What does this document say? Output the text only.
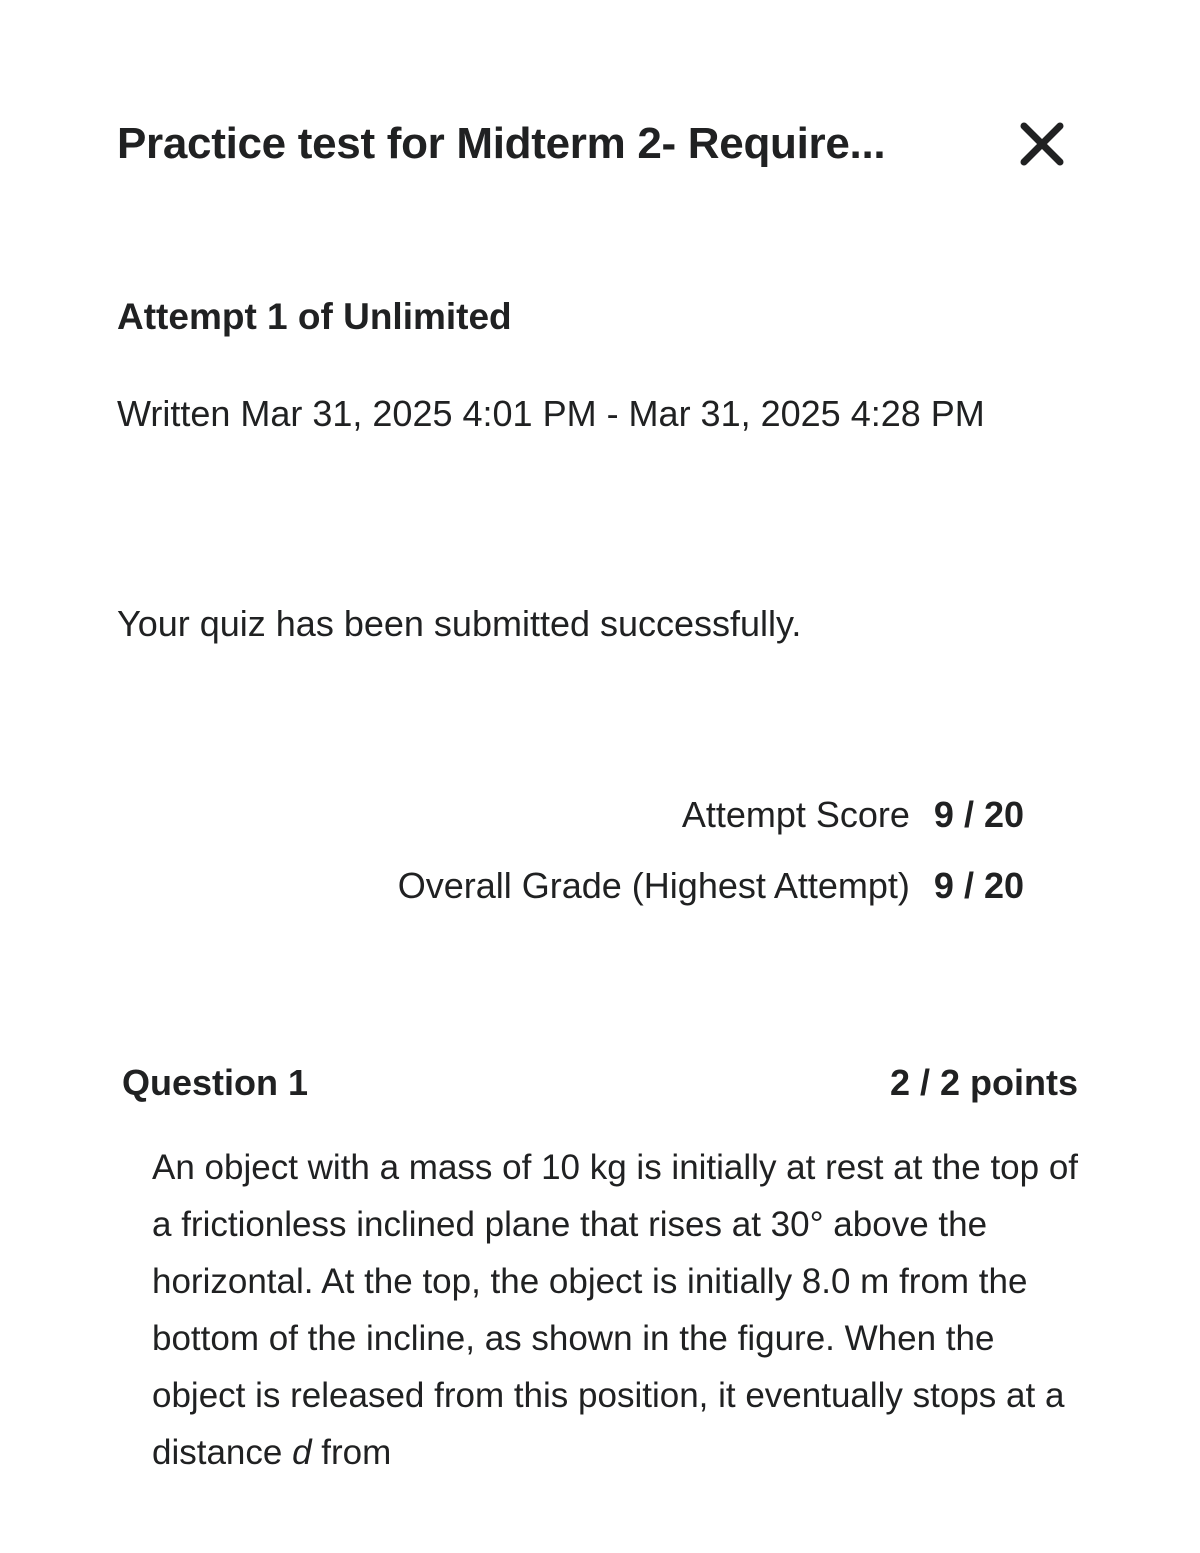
Practice test for Midterm 2- Require...
Attempt 1 of Unlimited
Written Mar 31, 2025 4:01 PM - Mar 31, 2025 4:28 PM
Your quiz has been submitted successfully.
Attempt Score 9 / 20
Overall Grade (Highest Attempt) 9 / 20
Question 1	2 / 2 points
An object with a mass of 10 kg is initially at rest at the top of a frictionless inclined plane that rises at 30° above the horizontal. At the top, the object is initially 8.0 m from the bottom of the incline, as shown in the figure. When the object is released from this position, it eventually stops at a distance d from
